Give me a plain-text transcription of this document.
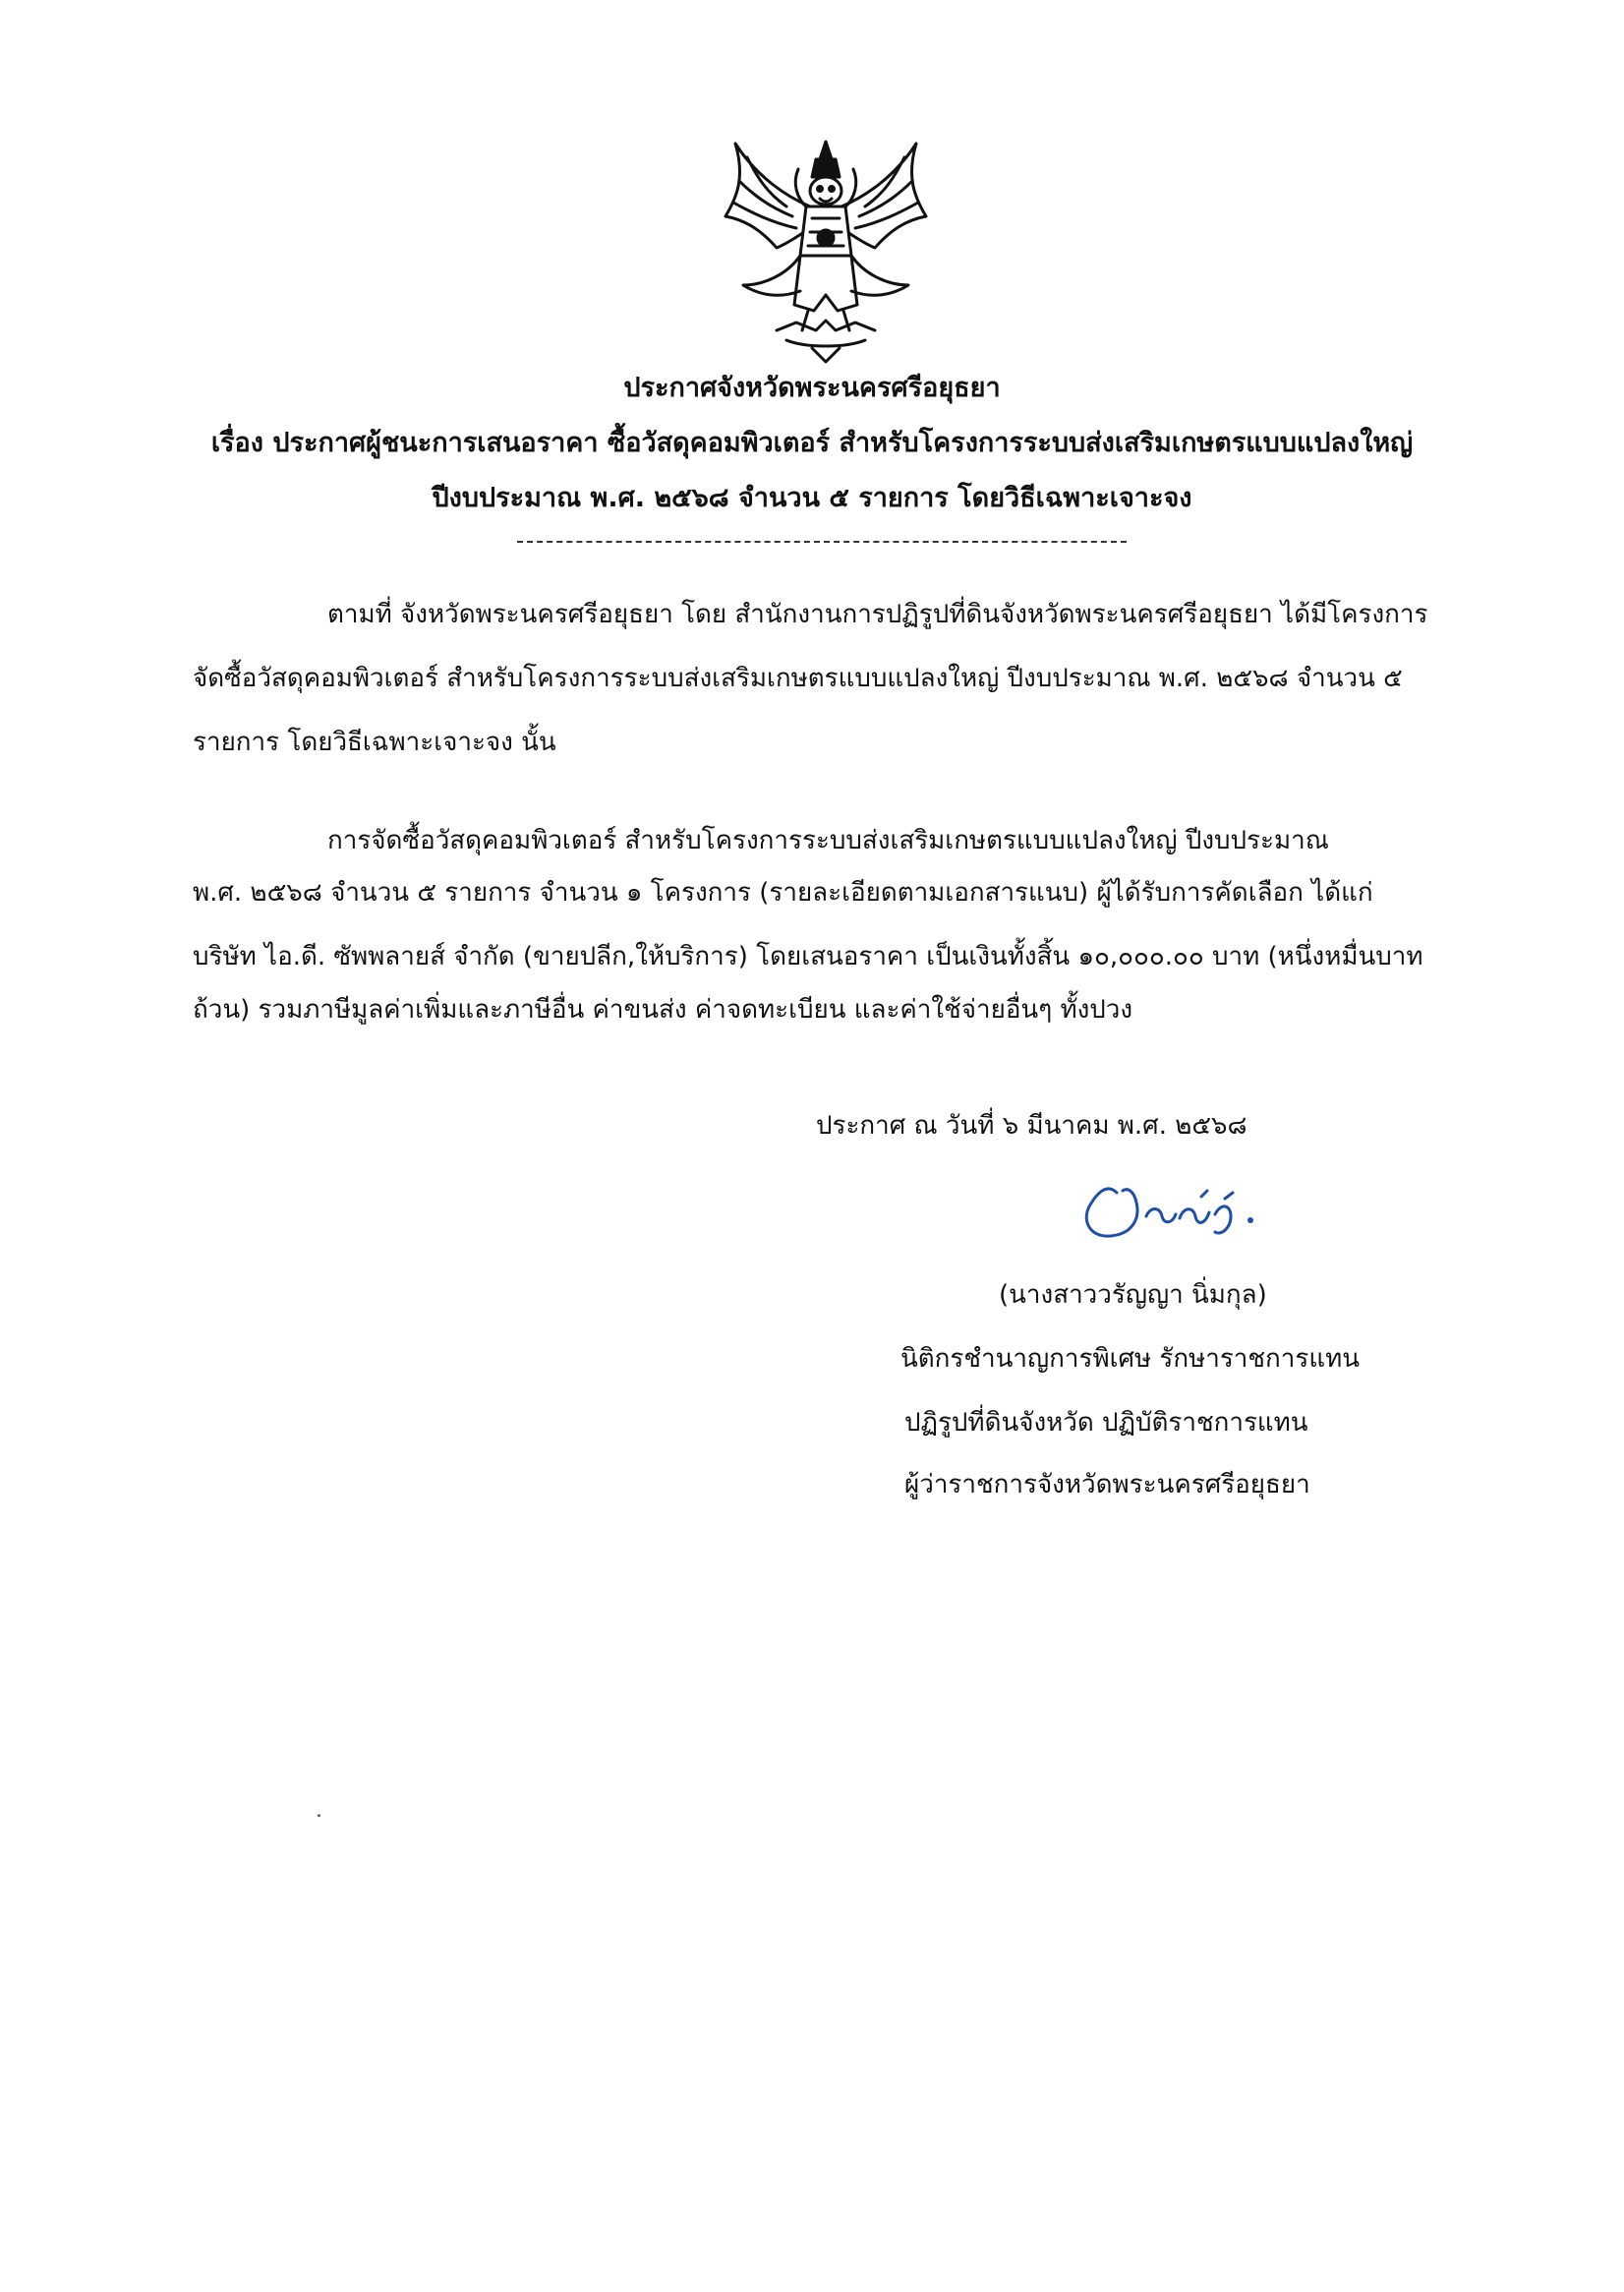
ประกาศจังหวัดพระนครศรีอยุธยา
เรื่อง ประกาศผู้ชนะการเสนอราคา ซื้อวัสดุคอมพิวเตอร์ สำหรับโครงการระบบส่งเสริมเกษตรแบบแปลงใหญ่
ปีงบประมาณ พ.ศ. ๒๕๖๘ จำนวน ๕ รายการ โดยวิธีเฉพาะเจาะจง
ตามที่ จังหวัดพระนครศรีอยุธยา โดย สำนักงานการปฏิรูปที่ดินจังหวัดพระนครศรีอยุธยา ได้มีโครงการ
จัดซื้อวัสดุคอมพิวเตอร์ สำหรับโครงการระบบส่งเสริมเกษตรแบบแปลงใหญ่ ปีงบประมาณ พ.ศ. ๒๕๖๘ จำนวน ๕
รายการ โดยวิธีเฉพาะเจาะจง นั้น
การจัดซื้อวัสดุคอมพิวเตอร์ สำหรับโครงการระบบส่งเสริมเกษตรแบบแปลงใหญ่ ปีงบประมาณ
พ.ศ. ๒๕๖๘ จำนวน ๕ รายการ จำนวน ๑ โครงการ (รายละเอียดตามเอกสารแนบ) ผู้ได้รับการคัดเลือก ได้แก่
บริษัท ไอ.ดี. ซัพพลายส์ จำกัด (ขายปลีก,ให้บริการ) โดยเสนอราคา เป็นเงินทั้งสิ้น ๑๐,๐๐๐.๐๐ บาท (หนึ่งหมื่นบาท
ถ้วน) รวมภาษีมูลค่าเพิ่มและภาษีอื่น ค่าขนส่ง ค่าจดทะเบียน และค่าใช้จ่ายอื่นๆ ทั้งปวง
ประกาศ ณ วันที่ ๖ มีนาคม พ.ศ. ๒๕๖๘
(นางสาววรัญญา นิ่มกุล)
นิติกรชำนาญการพิเศษ รักษาราชการแทน
ปฏิรูปที่ดินจังหวัด ปฏิบัติราชการแทน
ผู้ว่าราชการจังหวัดพระนครศรีอยุธยา
